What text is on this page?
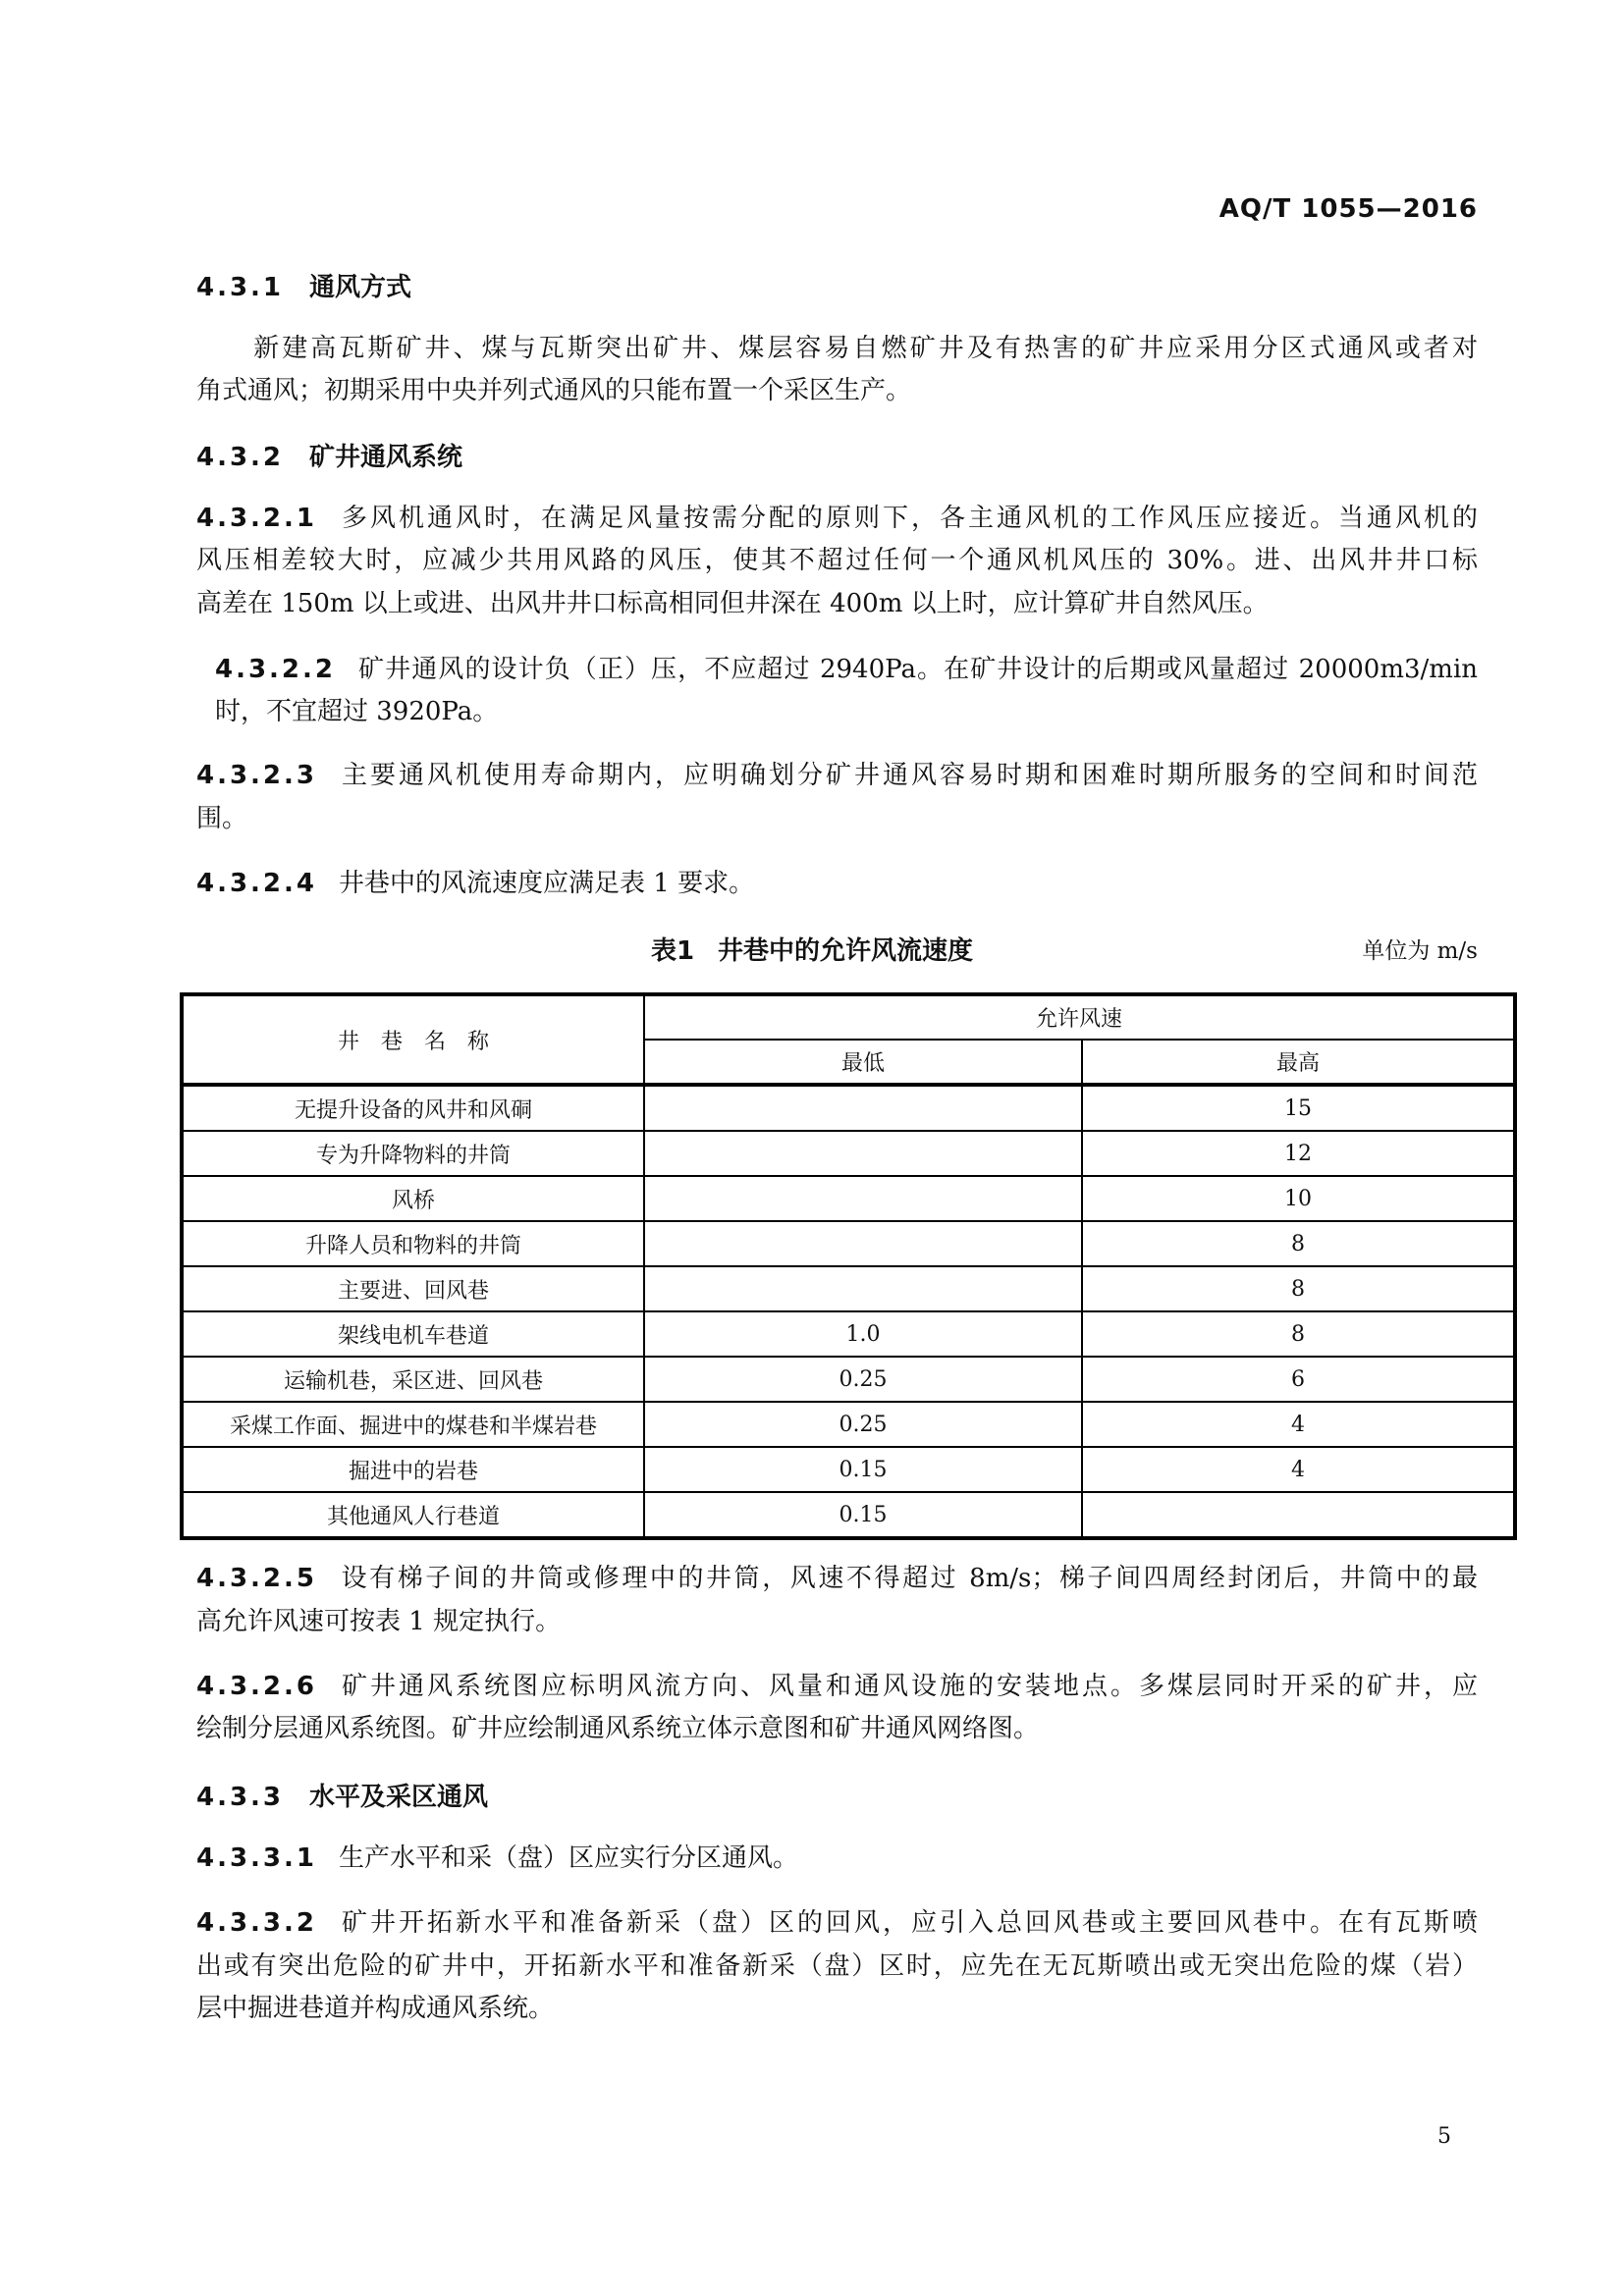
AQ/T 1055—2016
4.3.1 通风方式
　　新建高瓦斯矿井、煤与瓦斯突出矿井、煤层容易自燃矿井及有热害的矿井应采用分区式通风或者对
角式通风；初期采用中央并列式通风的只能布置一个采区生产。
4.3.2 矿井通风系统
4.3.2.1 多风机通风时，在满足风量按需分配的原则下，各主通风机的工作风压应接近。当通风机的
风压相差较大时，应减少共用风路的风压，使其不超过任何一个通风机风压的 30%。进、出风井井口标
高差在 150m 以上或进、出风井井口标高相同但井深在 400m 以上时，应计算矿井自然风压。
4.3.2.2 矿井通风的设计负（正）压，不应超过 2940Pa。在矿井设计的后期或风量超过 20000m3/min
时，不宜超过 3920Pa。
4.3.2.3 主要通风机使用寿命期内，应明确划分矿井通风容易时期和困难时期所服务的空间和时间范
围。
4.3.2.4 井巷中的风流速度应满足表 1 要求。
表1 井巷中的允许风流速度	单位为 m/s
井　巷　名　称	允许风速	
	最低	最高
无提升设备的风井和风硐		15
专为升降物料的井筒		12
风桥		10
升降人员和物料的井筒		8
主要进、回风巷		8
架线电机车巷道	1.0	8
运输机巷，采区进、回风巷	0.25	6
采煤工作面、掘进中的煤巷和半煤岩巷	0.25	4
掘进中的岩巷	0.15	4
其他通风人行巷道	0.15	
4.3.2.5 设有梯子间的井筒或修理中的井筒，风速不得超过 8m/s；梯子间四周经封闭后，井筒中的最
高允许风速可按表 1 规定执行。
4.3.2.6 矿井通风系统图应标明风流方向、风量和通风设施的安装地点。多煤层同时开采的矿井，应
绘制分层通风系统图。矿井应绘制通风系统立体示意图和矿井通风网络图。
4.3.3 水平及采区通风
4.3.3.1 生产水平和采（盘）区应实行分区通风。
4.3.3.2 矿井开拓新水平和准备新采（盘）区的回风，应引入总回风巷或主要回风巷中。在有瓦斯喷
出或有突出危险的矿井中，开拓新水平和准备新采（盘）区时，应先在无瓦斯喷出或无突出危险的煤（岩）
层中掘进巷道并构成通风系统。
5
